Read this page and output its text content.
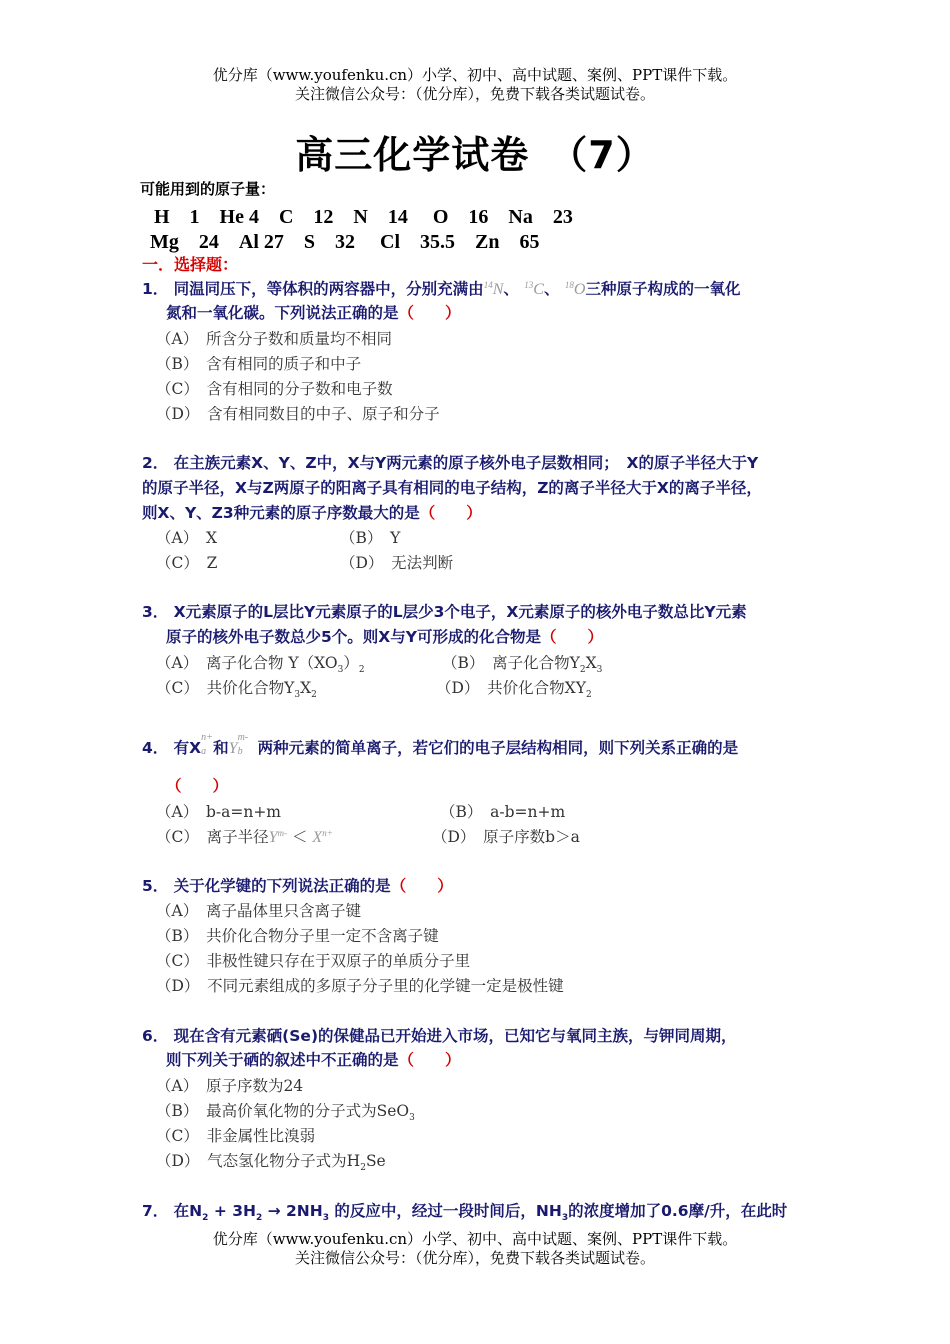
优分库（www.youfenku.cn）小学、初中、高中试题、案例、PPT课件下载。
关注微信公众号：（优分库），免费下载各类试题试卷。
高三化学试卷　（7）
可能用到的原子量：
H　1　He 4　C　12　N　14　 O　16　Na　23
Mg　24　Al 27　S　32　 Cl　35.5　Zn　65
一．选择题：
1． 同温同压下，等体积的两容器中，分别充满由$^{14}$N、 $^{13}$C、 $^{18}$O三种原子构成的一氧化
氮和一氧化碳。下列说法正确的是（　　）
（A）　所含分子数和质量均不相同
（B）　含有相同的质子和中子
（C）　含有相同的分子数和电子数
（D）　含有相同数目的中子、原子和分子
2． 在主族元素X、Y、Z中，X与Y两元素的原子核外电子层数相同；　X的原子半径大于Y
的原子半径，X与Z两原子的阳离子具有相同的电子结构，Z的离子半径大于X的离子半径，
则X、Y、Z3种元素的原子序数最大的是（　　）
（A）　X	（B）　Y
（C）　Z	（D）　无法判断
3． X元素原子的L层比Y元素原子的L层少3个电子，X元素原子的核外电子数总比Y元素
原子的核外电子数总少5个。则X与Y可形成的化合物是（　　）
（A）　离子化合物 $Y(XO_3)_2$	（B）　离子化合物$Y_2X_3$
（C）　共价化合物$Y_3X_2$	（D）　共价化合物$XY_2$
4． 有X
n+
a 和Y
m-
b 两种元素的简单离子，若它们的电子层结构相同，则下列关系正确的是
（　　）
（A）　b-a=n+m	（B）　a-b=n+m
（C）　离子半径$Y^{m-} < X^{n+}$	（D）　原子序数b＞a
5． 关于化学键的下列说法正确的是（　　）
（A）　离子晶体里只含离子键
（B）　共价化合物分子里一定不含离子键
（C）　非极性键只存在于双原子的单质分子里
（D）　不同元素组成的多原子分子里的化学键一定是极性键
6． 现在含有元素硒(Se)的保健品已开始进入市场，已知它与氧同主族，与钾同周期，
则下列关于硒的叙述中不正确的是（　　）
（A）　原子序数为24
（B）　最高价氧化物的分子式为SeO$_3$
（C）　非金属性比溴弱
（D）　气态氢化物分子式为$H_2Se$
7． 在$N_2 + 3H_2 \to 2NH_3$ 的反应中，经过一段时间后，$NH_3$的浓度增加了0.6摩/升，在此时
优分库（www.youfenku.cn）小学、初中、高中试题、案例、PPT课件下载。
关注微信公众号：（优分库），免费下载各类试题试卷。
